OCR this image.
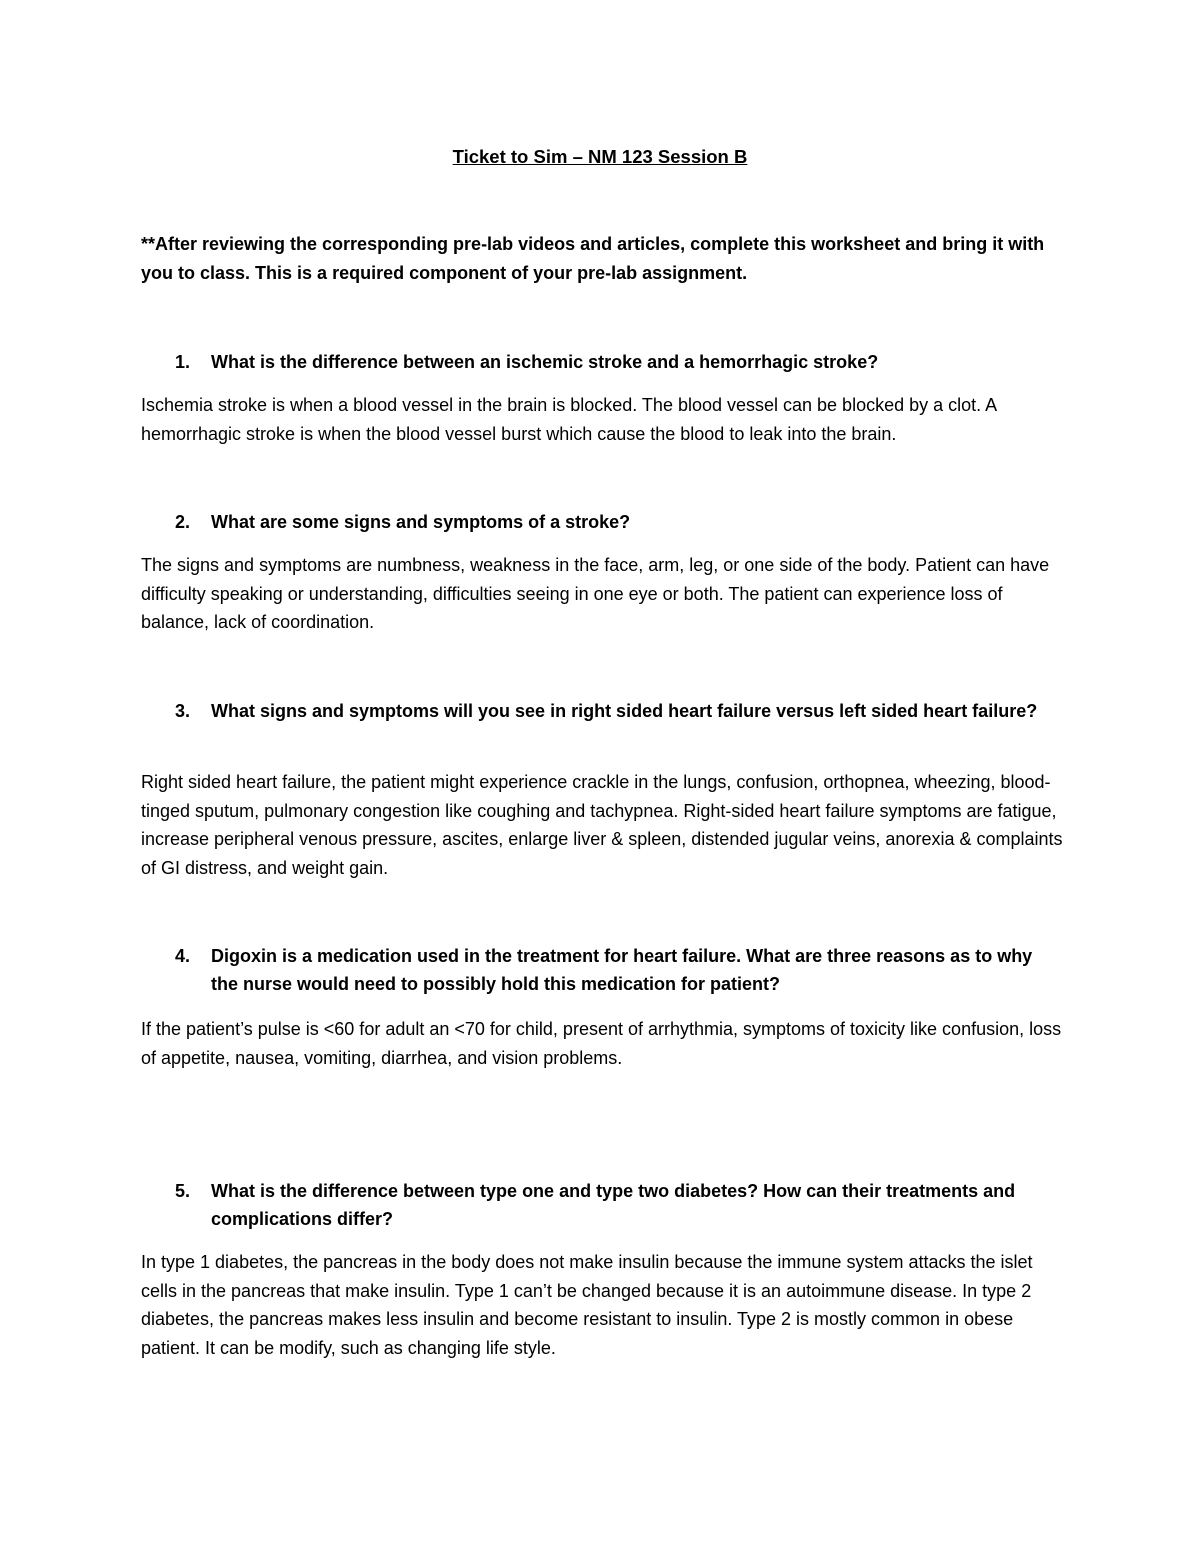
Ticket to Sim – NM 123 Session B
**After reviewing the corresponding pre-lab videos and articles, complete this worksheet and bring it with you to class. This is a required component of your pre-lab assignment.
1. What is the difference between an ischemic stroke and a hemorrhagic stroke?
Ischemia stroke is when a blood vessel in the brain is blocked. The blood vessel can be blocked by a clot. A hemorrhagic stroke is when the blood vessel burst which cause the blood to leak into the brain.
2. What are some signs and symptoms of a stroke?
The signs and symptoms are numbness, weakness in the face, arm, leg, or one side of the body. Patient can have difficulty speaking or understanding, difficulties seeing in one eye or both. The patient can experience loss of balance, lack of coordination.
3. What signs and symptoms will you see in right sided heart failure versus left sided heart failure?
Right sided heart failure, the patient might experience crackle in the lungs, confusion, orthopnea, wheezing, blood-tinged sputum, pulmonary congestion like coughing and tachypnea. Right-sided heart failure symptoms are fatigue, increase peripheral venous pressure, ascites, enlarge liver & spleen, distended jugular veins, anorexia & complaints of GI distress, and weight gain.
4. Digoxin is a medication used in the treatment for heart failure. What are three reasons as to why the nurse would need to possibly hold this medication for patient?
If the patient’s pulse is <60 for adult an <70 for child, present of arrhythmia, symptoms of toxicity like confusion, loss of appetite, nausea, vomiting, diarrhea, and vision problems.
5. What is the difference between type one and type two diabetes? How can their treatments and complications differ?
In type 1 diabetes, the pancreas in the body does not make insulin because the immune system attacks the islet cells in the pancreas that make insulin. Type 1 can’t be changed because it is an autoimmune disease. In type 2 diabetes, the pancreas makes less insulin and become resistant to insulin. Type 2 is mostly common in obese patient. It can be modify, such as changing life style.
